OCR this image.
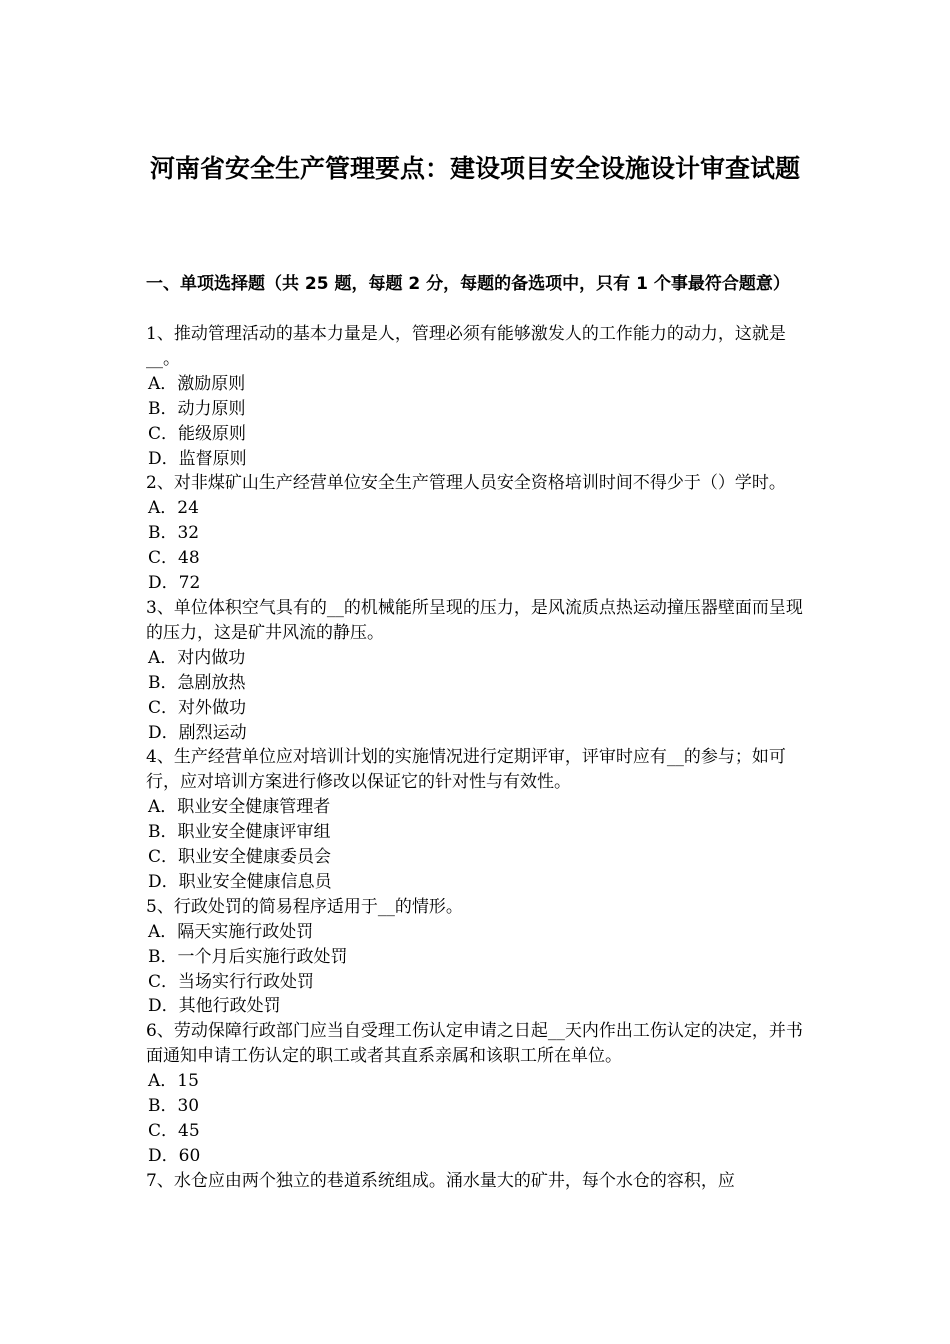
河南省安全生产管理要点：建设项目安全设施设计审查试题
一、单项选择题（共 25 题，每题 2 分，每题的备选项中，只有 1 个事最符合题意）

1、推动管理活动的基本力量是人，管理必须有能够激发人的工作能力的动力，这就是__。

A．激励原则

B．动力原则

C．能级原则

D．监督原则

2、对非煤矿山生产经营单位安全生产管理人员安全资格培训时间不得少于（）学时。

A．24

B．32

C．48

D．72

3、单位体积空气具有的__的机械能所呈现的压力，是风流质点热运动撞压器壁面而呈现的压力，这是矿井风流的静压。

A．对内做功

B．急剧放热

C．对外做功

D．剧烈运动

4、生产经营单位应对培训计划的实施情况进行定期评审，评审时应有__的参与；如可行，应对培训方案进行修改以保证它的针对性与有效性。

A．职业安全健康管理者

B．职业安全健康评审组

C．职业安全健康委员会

D．职业安全健康信息员

5、行政处罚的简易程序适用于__的情形。

A．隔天实施行政处罚

B．一个月后实施行政处罚

C．当场实行行政处罚

D．其他行政处罚

6、劳动保障行政部门应当自受理工伤认定申请之日起__天内作出工伤认定的决定，并书面通知申请工伤认定的职工或者其直系亲属和该职工所在单位。

A．15

B．30

C．45

D．60

7、水仓应由两个独立的巷道系统组成。涌水量大的矿井，每个水仓的容积，应
